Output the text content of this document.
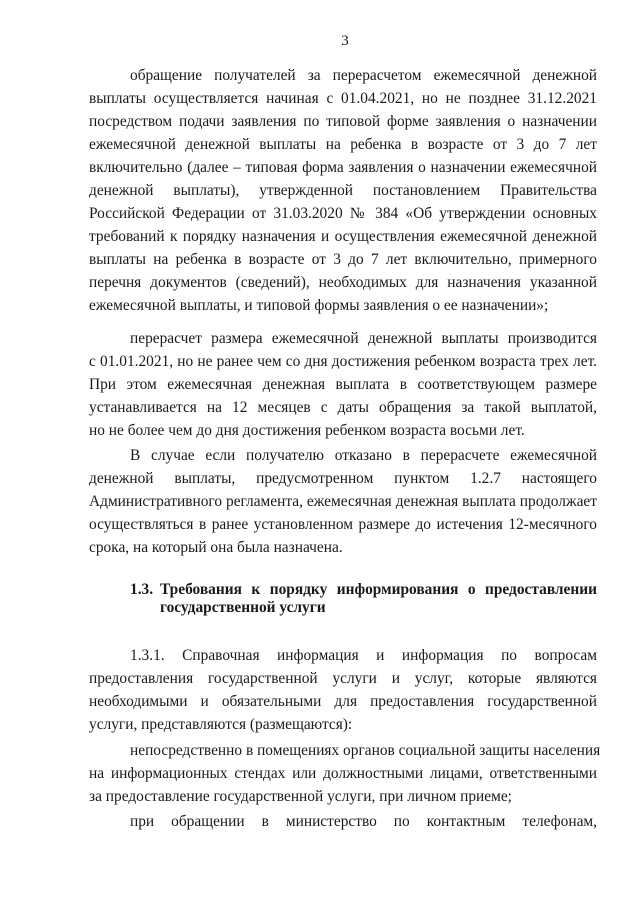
3
обращение получателей за перерасчетом ежемесячной денежной
выплаты осуществляется начиная с 01.04.2021, но не позднее 31.12.2021
посредством подачи заявления по типовой форме заявления о назначении
ежемесячной денежной выплаты на ребенка в возрасте от 3 до 7 лет
включительно (далее – типовая форма заявления о назначении ежемесячной
денежной выплаты), утвержденной постановлением Правительства
Российской Федерации от 31.03.2020 № 384 «Об утверждении основных
требований к порядку назначения и осуществления ежемесячной денежной
выплаты на ребенка в возрасте от 3 до 7 лет включительно, примерного
перечня документов (сведений), необходимых для назначения указанной
ежемесячной выплаты, и типовой формы заявления о ее назначении»;
перерасчет размера ежемесячной денежной выплаты производится
с 01.01.2021, но не ранее чем со дня достижения ребенком возраста трех лет.
При этом ежемесячная денежная выплата в соответствующем размере
устанавливается на 12 месяцев с даты обращения за такой выплатой,
но не более чем до дня достижения ребенком возраста восьми лет.
В случае если получателю отказано в перерасчете ежемесячной
денежной выплаты, предусмотренном пунктом 1.2.7 настоящего
Административного регламента, ежемесячная денежная выплата продолжает
осуществляться в ранее установленном размере до истечения 12-месячного
срока, на который она была назначена.
1.3. Требования к порядку информирования о предоставлении
государственной услуги
1.3.1. Справочная информация и информация по вопросам
предоставления государственной услуги и услуг, которые являются
необходимыми и обязательными для предоставления государственной
услуги, представляются (размещаются):
непосредственно в помещениях органов социальной защиты населения
на информационных стендах или должностными лицами, ответственными
за предоставление государственной услуги, при личном приеме;
при обращении в министерство по контактным телефонам,
